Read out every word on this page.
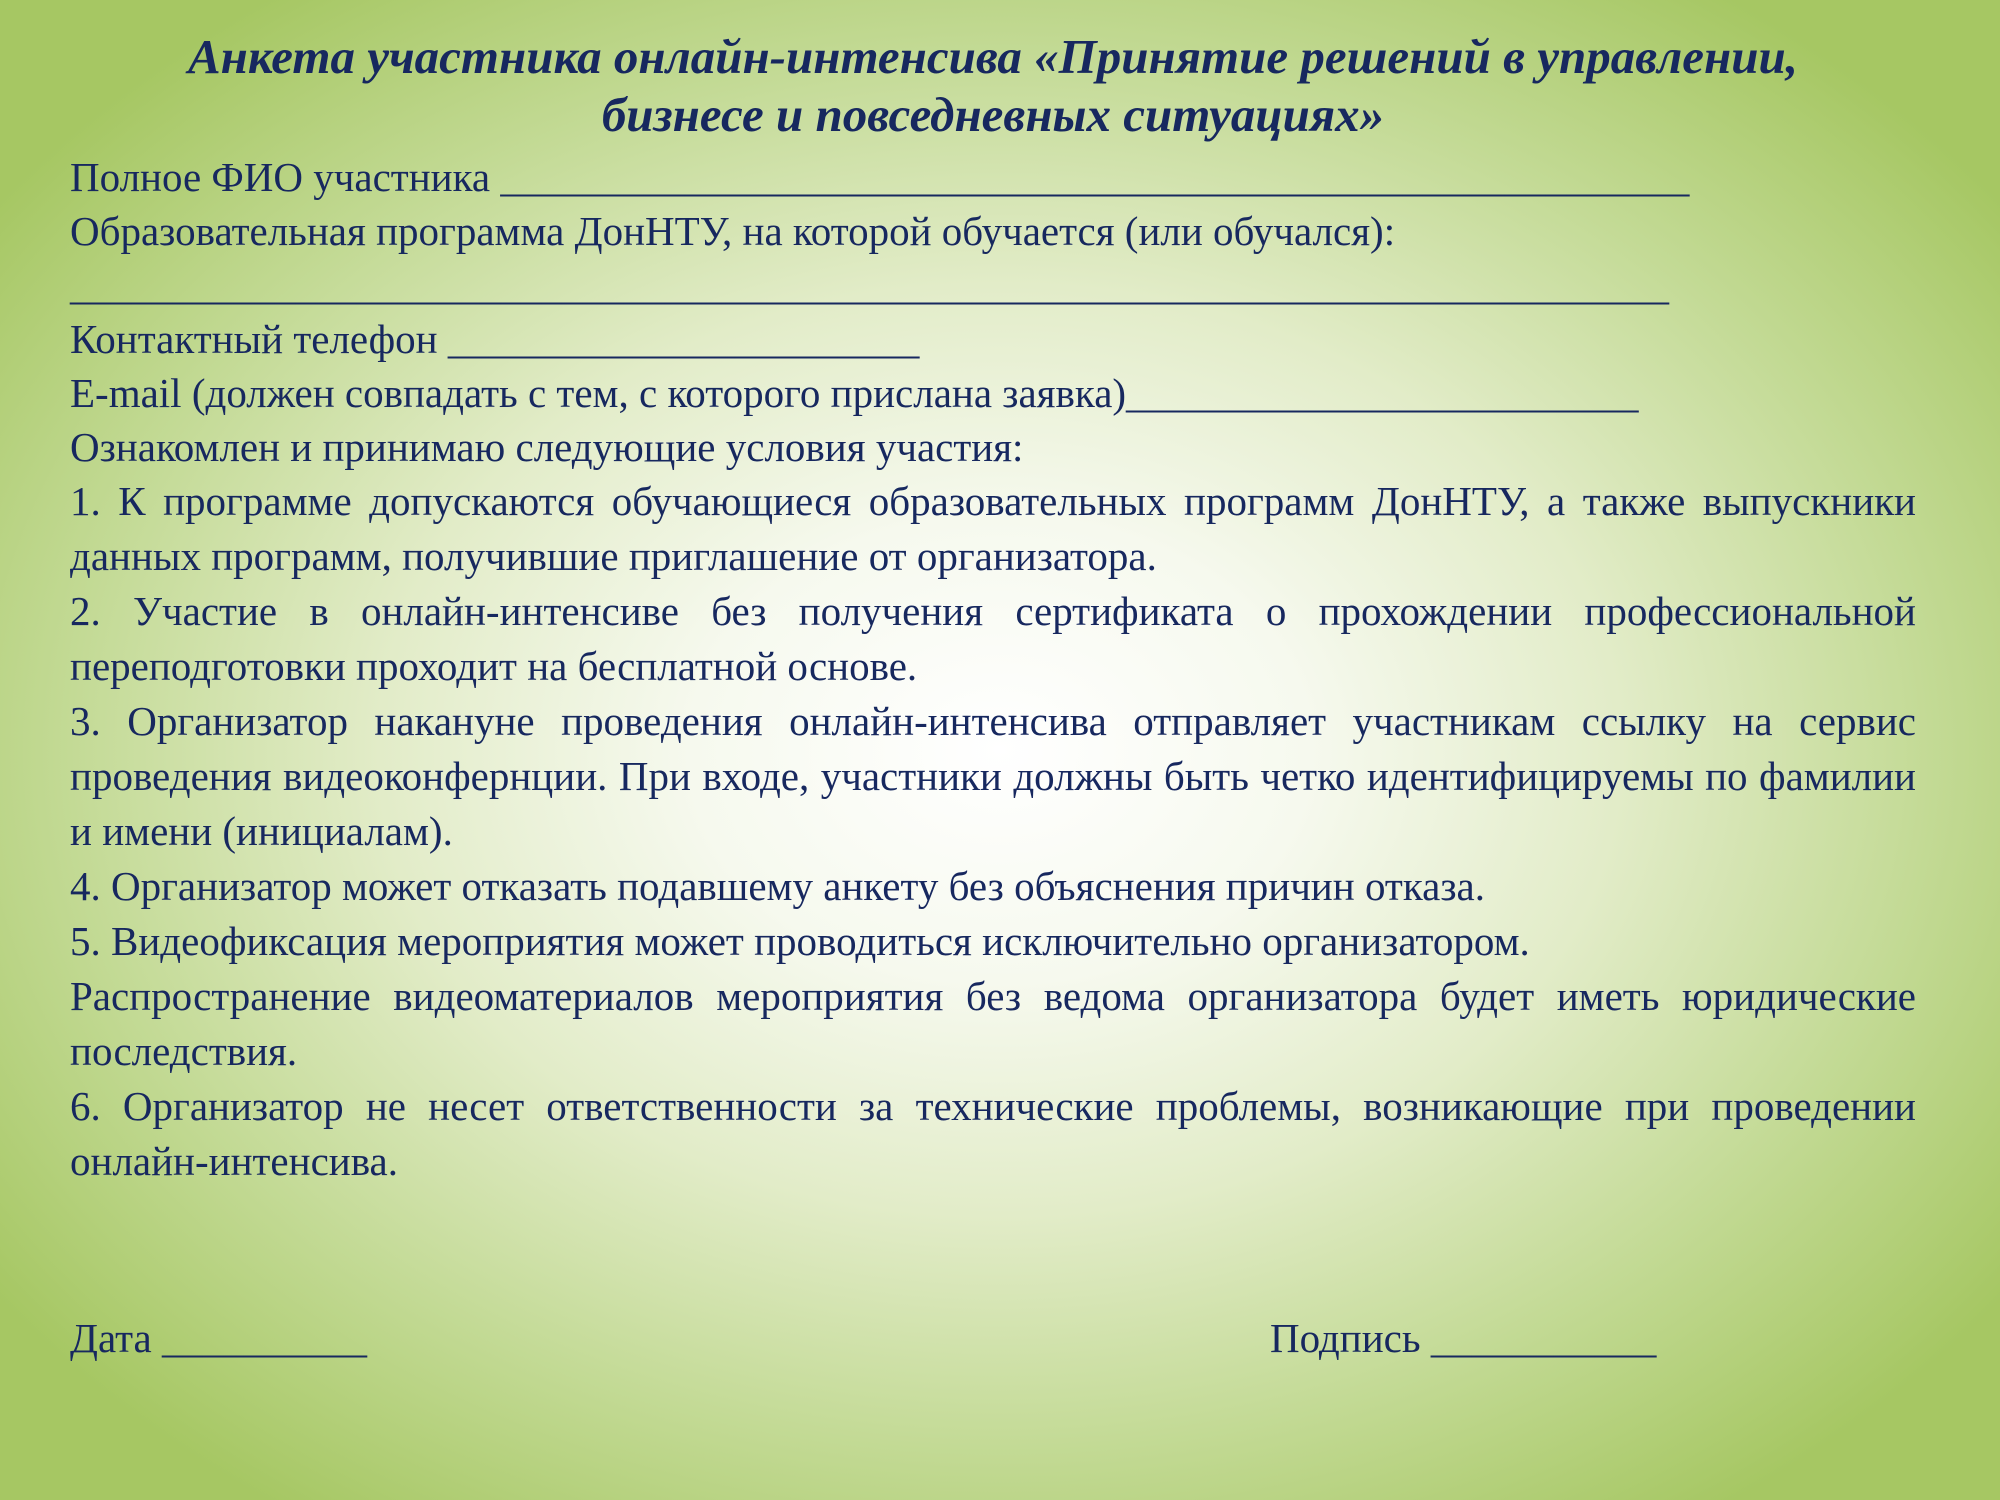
Анкета участника онлайн-интенсива «Принятие решений в управлении,
бизнесе и повседневных ситуациях»

Полное ФИО участника __________________________________________________________

Образовательная программа ДонНТУ, на которой обучается (или обучался):

______________________________________________________________________________

Контактный телефон _______________________

E-mail (должен совпадать с тем, с которого прислана заявка)_________________________

Ознакомлен и принимаю следующие условия участия:

1. К программе допускаются обучающиеся образовательных программ ДонНТУ, а также выпускники данных программ, получившие приглашение от организатора.

2. Участие в онлайн-интенсиве без получения сертификата о прохождении профессиональной переподготовки проходит на бесплатной основе.

3. Организатор накануне проведения онлайн-интенсива отправляет участникам ссылку на сервис проведения видеоконфернции. При входе, участники должны быть четко идентифицируемы по фамилии и имени (инициалам).

4. Организатор может отказать подавшему анкету без объяснения причин отказа.

5. Видеофиксация мероприятия может проводиться исключительно организатором.

Распространение видеоматериалов мероприятия без ведома организатора будет иметь юридические последствия.

6. Организатор не несет ответственности за технические проблемы, возникающие при проведении онлайн-интенсива.

Дата __________	Подпись ___________
